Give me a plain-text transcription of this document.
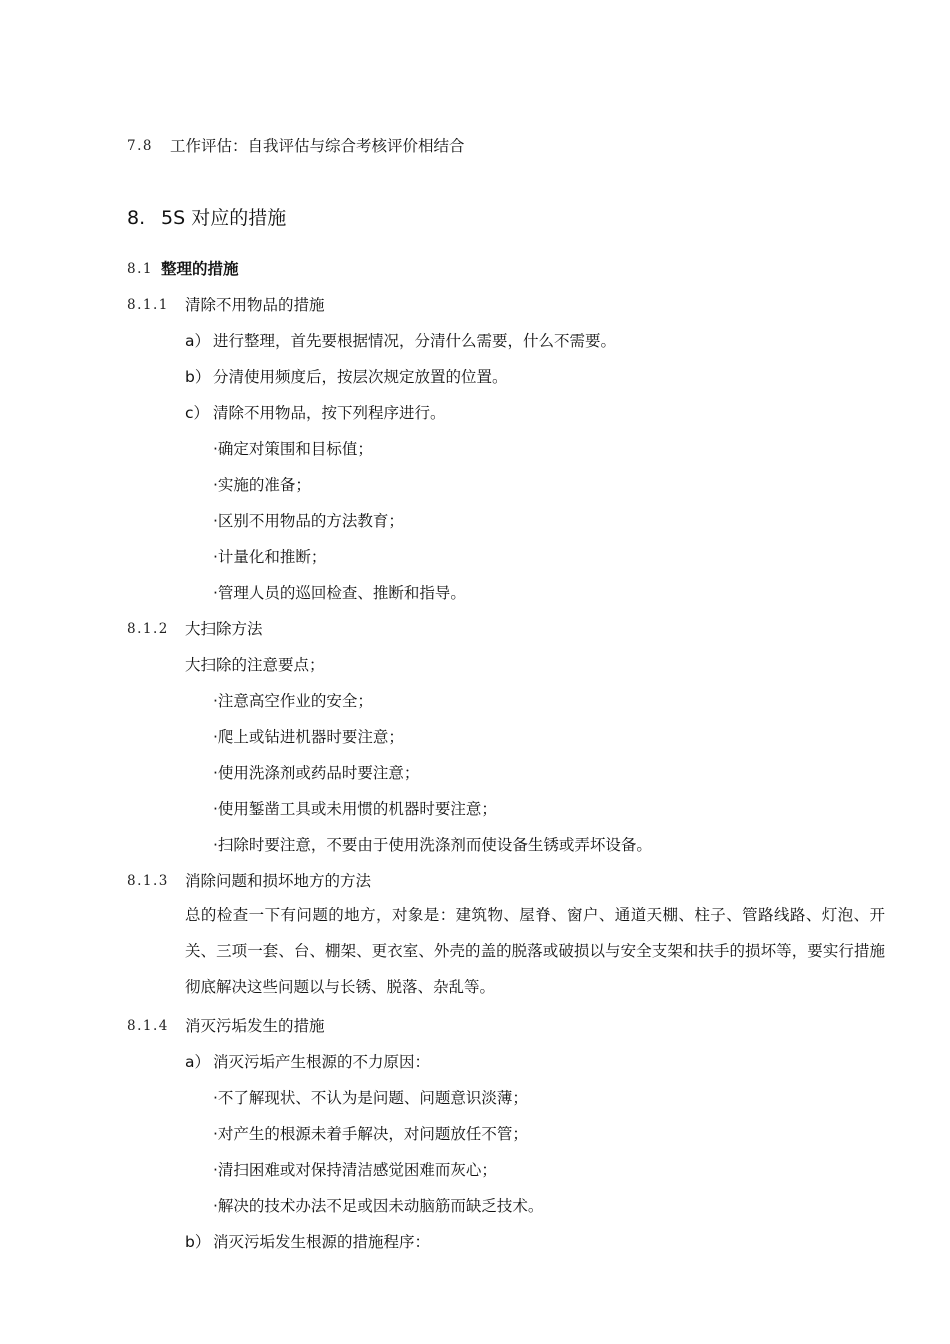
7.8 工作评估：自我评估与综合考核评价相结合
8. 5S 对应的措施
8.1 整理的措施
8.1.1 清除不用物品的措施
a） 进行整理，首先要根据情况，分清什么需要，什么不需要。
b） 分清使用频度后，按层次规定放置的位置。
c） 清除不用物品，按下列程序进行。
·确定对策围和目标值；
·实施的准备；
·区别不用物品的方法教育；
·计量化和推断；
·管理人员的巡回检查、推断和指导。
8.1.2 大扫除方法
大扫除的注意要点；
·注意高空作业的安全；
·爬上或钻进机器时要注意；
·使用洗涤剂或药品时要注意；
·使用錾凿工具或未用惯的机器时要注意；
·扫除时要注意，不要由于使用洗涤剂而使设备生锈或弄坏设备。
8.1.3 消除问题和损坏地方的方法
总的检查一下有问题的地方，对象是：建筑物、屋脊、窗户、通道天棚、柱子、管路线路、灯泡、开关、三项一套、台、棚架、更衣室、外壳的盖的脱落或破损以与安全支架和扶手的损坏等，要实行措施彻底解决这些问题以与长锈、脱落、杂乱等。
8.1.4 消灭污垢发生的措施
a） 消灭污垢产生根源的不力原因：
·不了解现状、不认为是问题、问题意识淡薄；
·对产生的根源未着手解决，对问题放任不管；
·清扫困难或对保持清洁感觉困难而灰心；
·解决的技术办法不足或因未动脑筋而缺乏技术。
b） 消灭污垢发生根源的措施程序：
